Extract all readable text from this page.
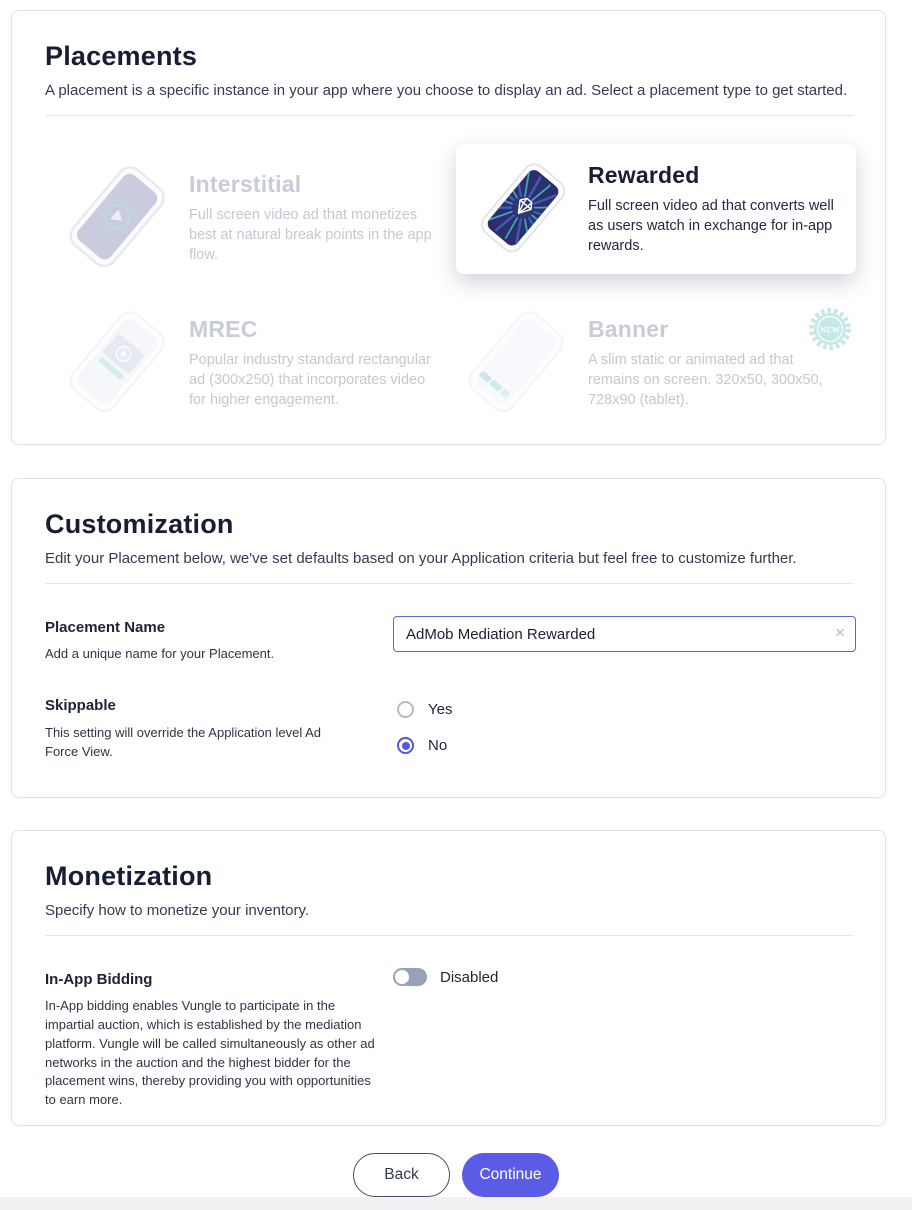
Placements
A placement is a specific instance in your app where you choose to display an ad. Select a placement type to get started.
Interstitial
Full screen video ad that monetizes best at natural break points in the app flow.
Rewarded
Full screen video ad that converts well as users watch in exchange for in-app rewards.
MREC
Popular industry standard rectangular ad (300x250) that incorporates video for higher engagement.
Banner
A slim static or animated ad that remains on screen. 320x50, 300x50, 728x90 (tablet).
NEW
Customization
Edit your Placement below, we've set defaults based on your Application criteria but feel free to customize further.
Placement Name
Add a unique name for your Placement.
AdMob Mediation Rewarded
×
Skippable
This setting will override the Application level Ad Force View.
Yes
No
Monetization
Specify how to monetize your inventory.
In-App Bidding
In-App bidding enables Vungle to participate in the impartial auction, which is established by the mediation platform. Vungle will be called simultaneously as other ad networks in the auction and the highest bidder for the placement wins, thereby providing you with opportunities to earn more.
Disabled
Back	Continue
